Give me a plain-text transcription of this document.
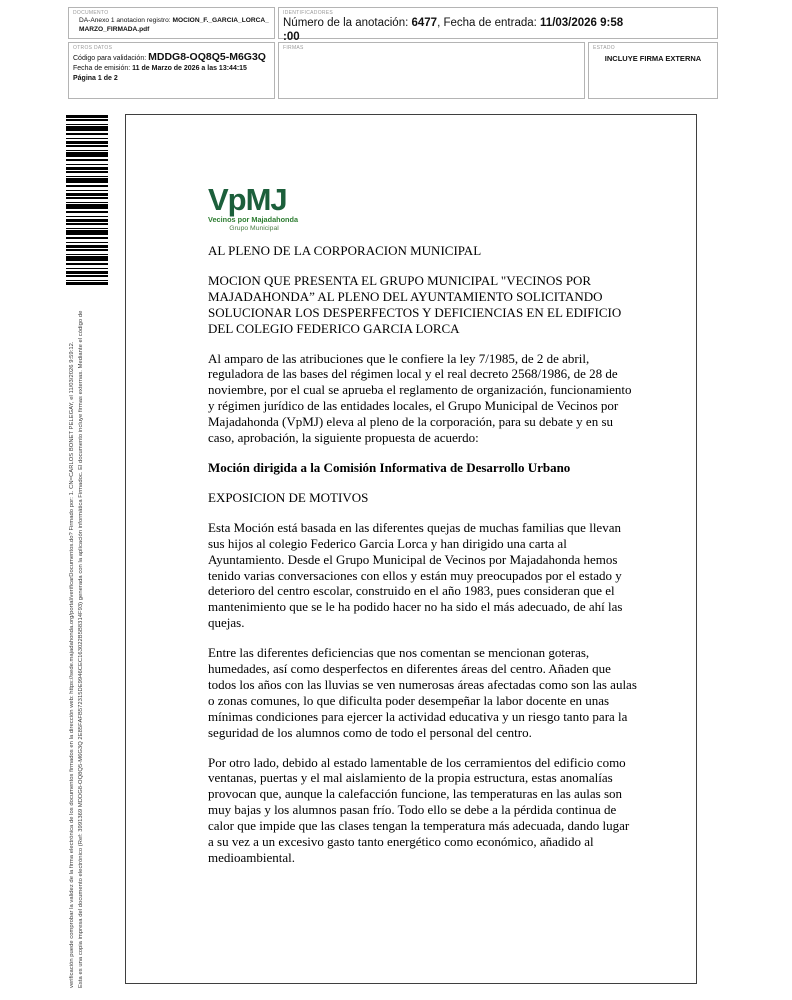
DOCUMENTO
DA-Anexo 1 anotacion registro: MOCION_F._GARCIA_LORCA_MARZO_FIRMADA.pdf
IDENTIFICADORES
Número de la anotación: 6477, Fecha de entrada: 11/03/2026 9:58
:00
OTROS DATOS
Código para validación: MDDG8-OQ8Q5-M6G3Q
Fecha de emisión: 11 de Marzo de 2026 a las 13:44:15
Página 1 de 2
FIRMAS	ESTADO
INCLUYE FIRMA EXTERNA
verificación puede comprobar la validez de la firma electrónica de los documentos firmados en la dirección web: https://sede.majadahonda.org/portal/verificarDocumentos.do? Firmado por: 1. CN=CARLOS BONET PELEGAY, el 11/03/2026 9:59:12. Esta es una copia impresa del documento electrónico (Ref: 3991369 MDDG8-OQ8Q5-M6G3Q 2E85FAFB572315DE9946CEC163022B5B8314F93) generada con la aplicación informática Firmadoc. El documento incluye firmas externas. Mediante el código de
VpMJ
Vecinos por Majadahonda
Grupo Municipal

AL PLENO DE LA CORPORACION MUNICIPAL

MOCION QUE PRESENTA EL GRUPO MUNICIPAL "VECINOS POR MAJADAHONDA” AL PLENO DEL AYUNTAMIENTO SOLICITANDO SOLUCIONAR LOS DESPERFECTOS Y DEFICIENCIAS EN EL EDIFICIO DEL COLEGIO FEDERICO GARCIA LORCA

Al amparo de las atribuciones que le confiere la ley 7/1985, de 2 de abril, reguladora de las bases del régimen local y el real decreto 2568/1986, de 28 de noviembre, por el cual se aprueba el reglamento de organización, funcionamiento y régimen jurídico de las entidades locales, el Grupo Municipal de Vecinos por Majadahonda (VpMJ) eleva al pleno de la corporación, para su debate y en su caso, aprobación, la siguiente propuesta de acuerdo:

Moción dirigida a la Comisión Informativa de Desarrollo Urbano

EXPOSICION DE MOTIVOS

Esta Moción está basada en las diferentes quejas de muchas familias que llevan sus hijos al colegio Federico Garcia Lorca y han dirigido una carta al Ayuntamiento. Desde el Grupo Municipal de Vecinos por Majadahonda hemos tenido varias conversaciones con ellos y están muy preocupados por el estado y deterioro del centro escolar, construido en el año 1983, pues consideran que el mantenimiento que se le ha podido hacer no ha sido el más adecuado, de ahí las quejas.

Entre las diferentes deficiencias que nos comentan se mencionan goteras, humedades, así como desperfectos en diferentes áreas del centro. Añaden que todos los años con las lluvias se ven numerosas áreas afectadas como son las aulas o zonas comunes, lo que dificulta poder desempeñar la labor docente en unas mínimas condiciones para ejercer la actividad educativa y un riesgo tanto para la seguridad de los alumnos como de todo el personal del centro.

Por otro lado, debido al estado lamentable de los cerramientos del edificio como ventanas, puertas y el mal aislamiento de la propia estructura, estas anomalías provocan que, aunque la calefacción funcione, las temperaturas en las aulas son muy bajas y los alumnos pasan frío. Todo ello se debe a la pérdida continua de calor que impide que las clases tengan la temperatura más adecuada, dando lugar a su vez a un excesivo gasto tanto energético como económico, añadido al medioambiental.
